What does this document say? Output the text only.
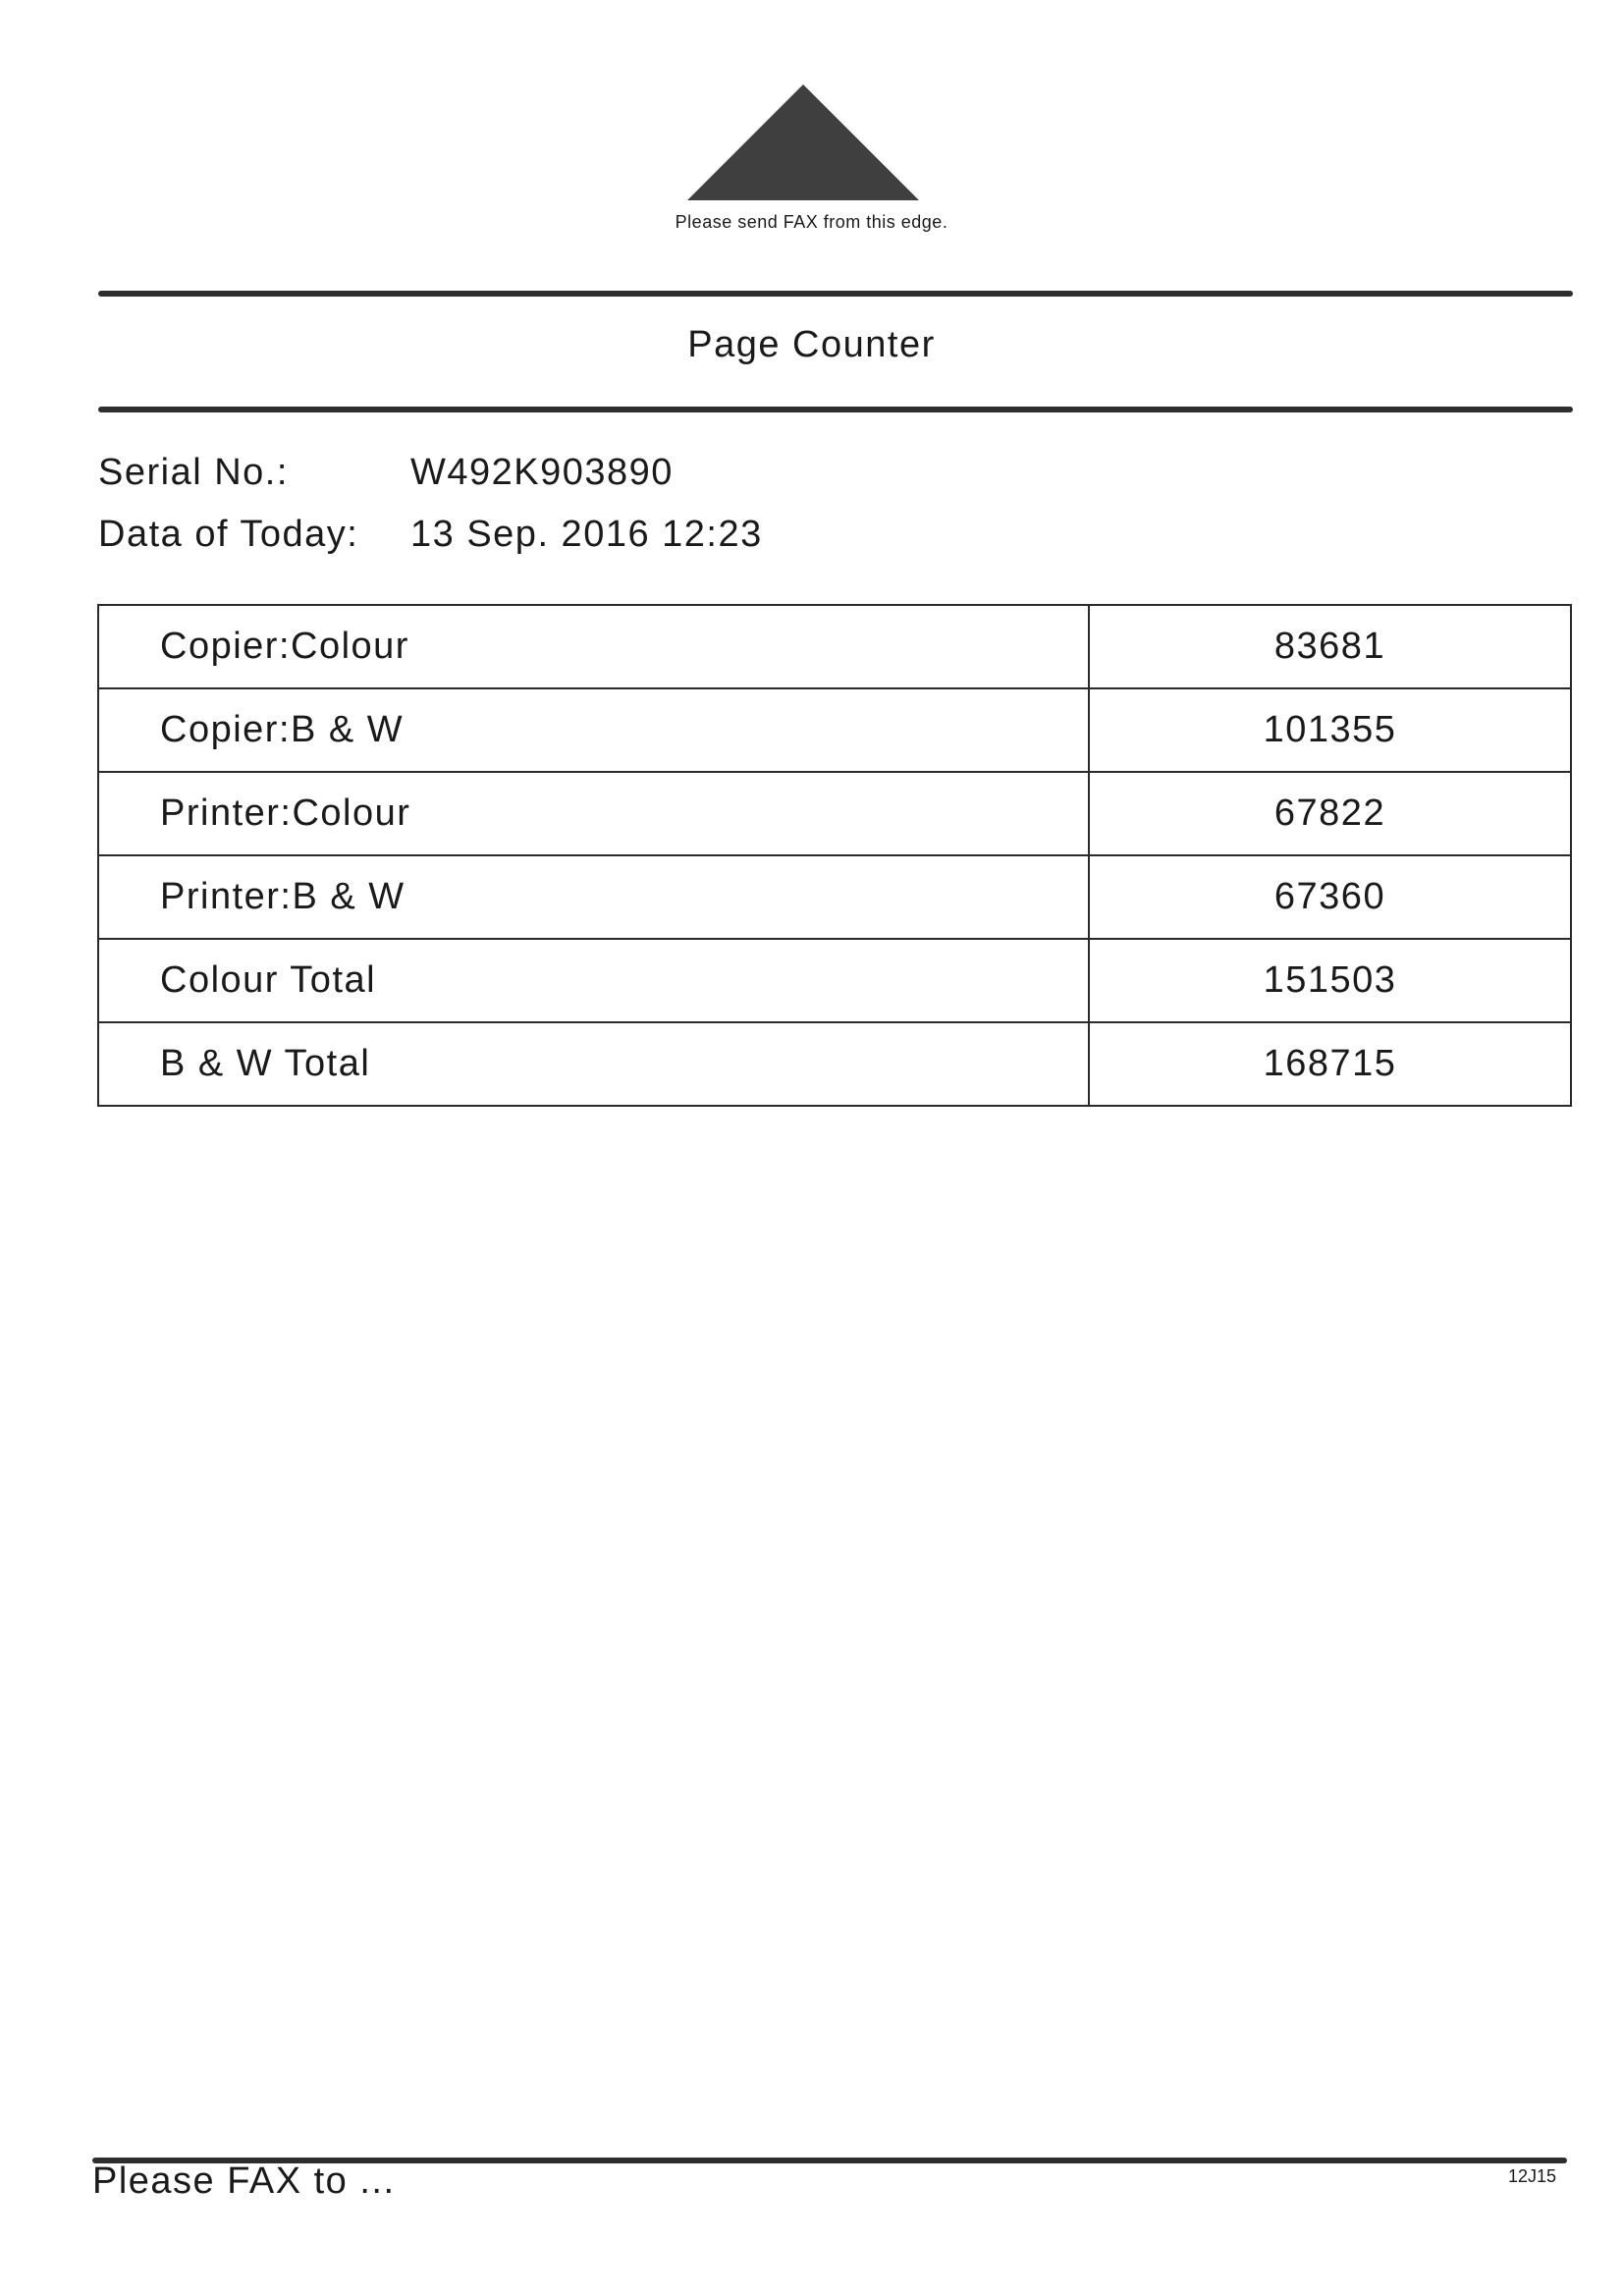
Please send FAX from this edge.
Page Counter
Serial No.:	W492K903890
Data of Today: 13 Sep. 2016 12:23
Copier:Colour	83681
Copier:B & W	101355
Printer:Colour	67822
Printer:B & W	67360
Colour Total	151503
B & W Total	168715
Please FAX to ...	12J15
